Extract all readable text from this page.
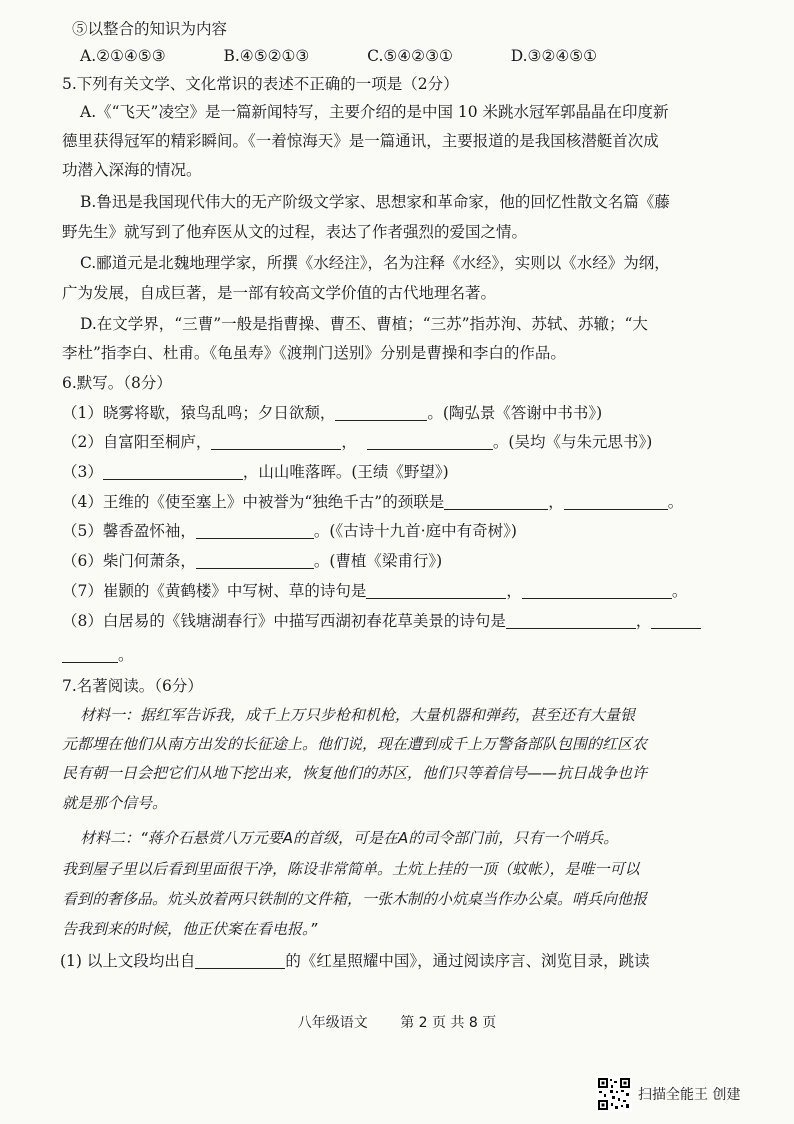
⑤以整合的知识为内容
A.②①④⑤③	B.④⑤②①③	C.⑤④②③①	D.③②④⑤①
5.下列有关文学、文化常识的表述不正确的一项是（2分）
A.《“飞天”凌空》是一篇新闻特写，主要介绍的是中国 10 米跳水冠军郭晶晶在印度新
德里获得冠军的精彩瞬间。《一着惊海天》是一篇通讯，主要报道的是我国核潜艇首次成
功潜入深海的情况。
B.鲁迅是我国现代伟大的无产阶级文学家、思想家和革命家，他的回忆性散文名篇《藤
野先生》就写到了他弃医从文的过程，表达了作者强烈的爱国之情。
C.郦道元是北魏地理学家，所撰《水经注》，名为注释《水经》，实则以《水经》为纲，
广为发展，自成巨著，是一部有较高文学价值的古代地理名著。
D.在文学界，“三曹”一般是指曹操、曹丕、曹植；“三苏”指苏洵、苏轼、苏辙；“大
李杜”指李白、杜甫。《龟虽寿》《渡荆门送别》分别是曹操和李白的作品。
6.默写。（8分）
（1）晓雾将歇，猿鸟乱鸣；夕日欲颓，	。(陶弘景《答谢中书书》)
（2）自富阳至桐庐，	，	。(吴均《与朱元思书》)
（3）	，山山唯落晖。(王绩《野望》)
（4）王维的《使至塞上》中被誉为“独绝千古”的颈联是	，	。
（5）馨香盈怀袖，	。(《古诗十九首·庭中有奇树》)
（6）柴门何萧条，	。(曹植《梁甫行》)
（7）崔颢的《黄鹤楼》中写树、草的诗句是	，	。
（8）白居易的《钱塘湖春行》中描写西湖初春花草美景的诗句是	，
。
7.名著阅读。（6分）
材料一：据红军告诉我，成千上万只步枪和机枪，大量机器和弹药，甚至还有大量银
元都埋在他们从南方出发的长征途上。他们说，现在遭到成千上万警备部队包围的红区农
民有朝一日会把它们从地下挖出来，恢复他们的苏区，他们只等着信号——抗日战争也许
就是那个信号。
材料二：“蒋介石悬赏八万元要A的首级，可是在A的司令部门前，只有一个哨兵。
我到屋子里以后看到里面很干净，陈设非常简单。土炕上挂的一顶（蚊帐），是唯一可以
看到的奢侈品。炕头放着两只铁制的文件箱，一张木制的小炕桌当作办公桌。哨兵向他报
告我到来的时候，他正伏案在看电报。”
(1) 以上文段均出自	的《红星照耀中国》，通过阅读序言、浏览目录，跳读
八年级语文 第 2 页 共 8 页
扫描全能王 创建
